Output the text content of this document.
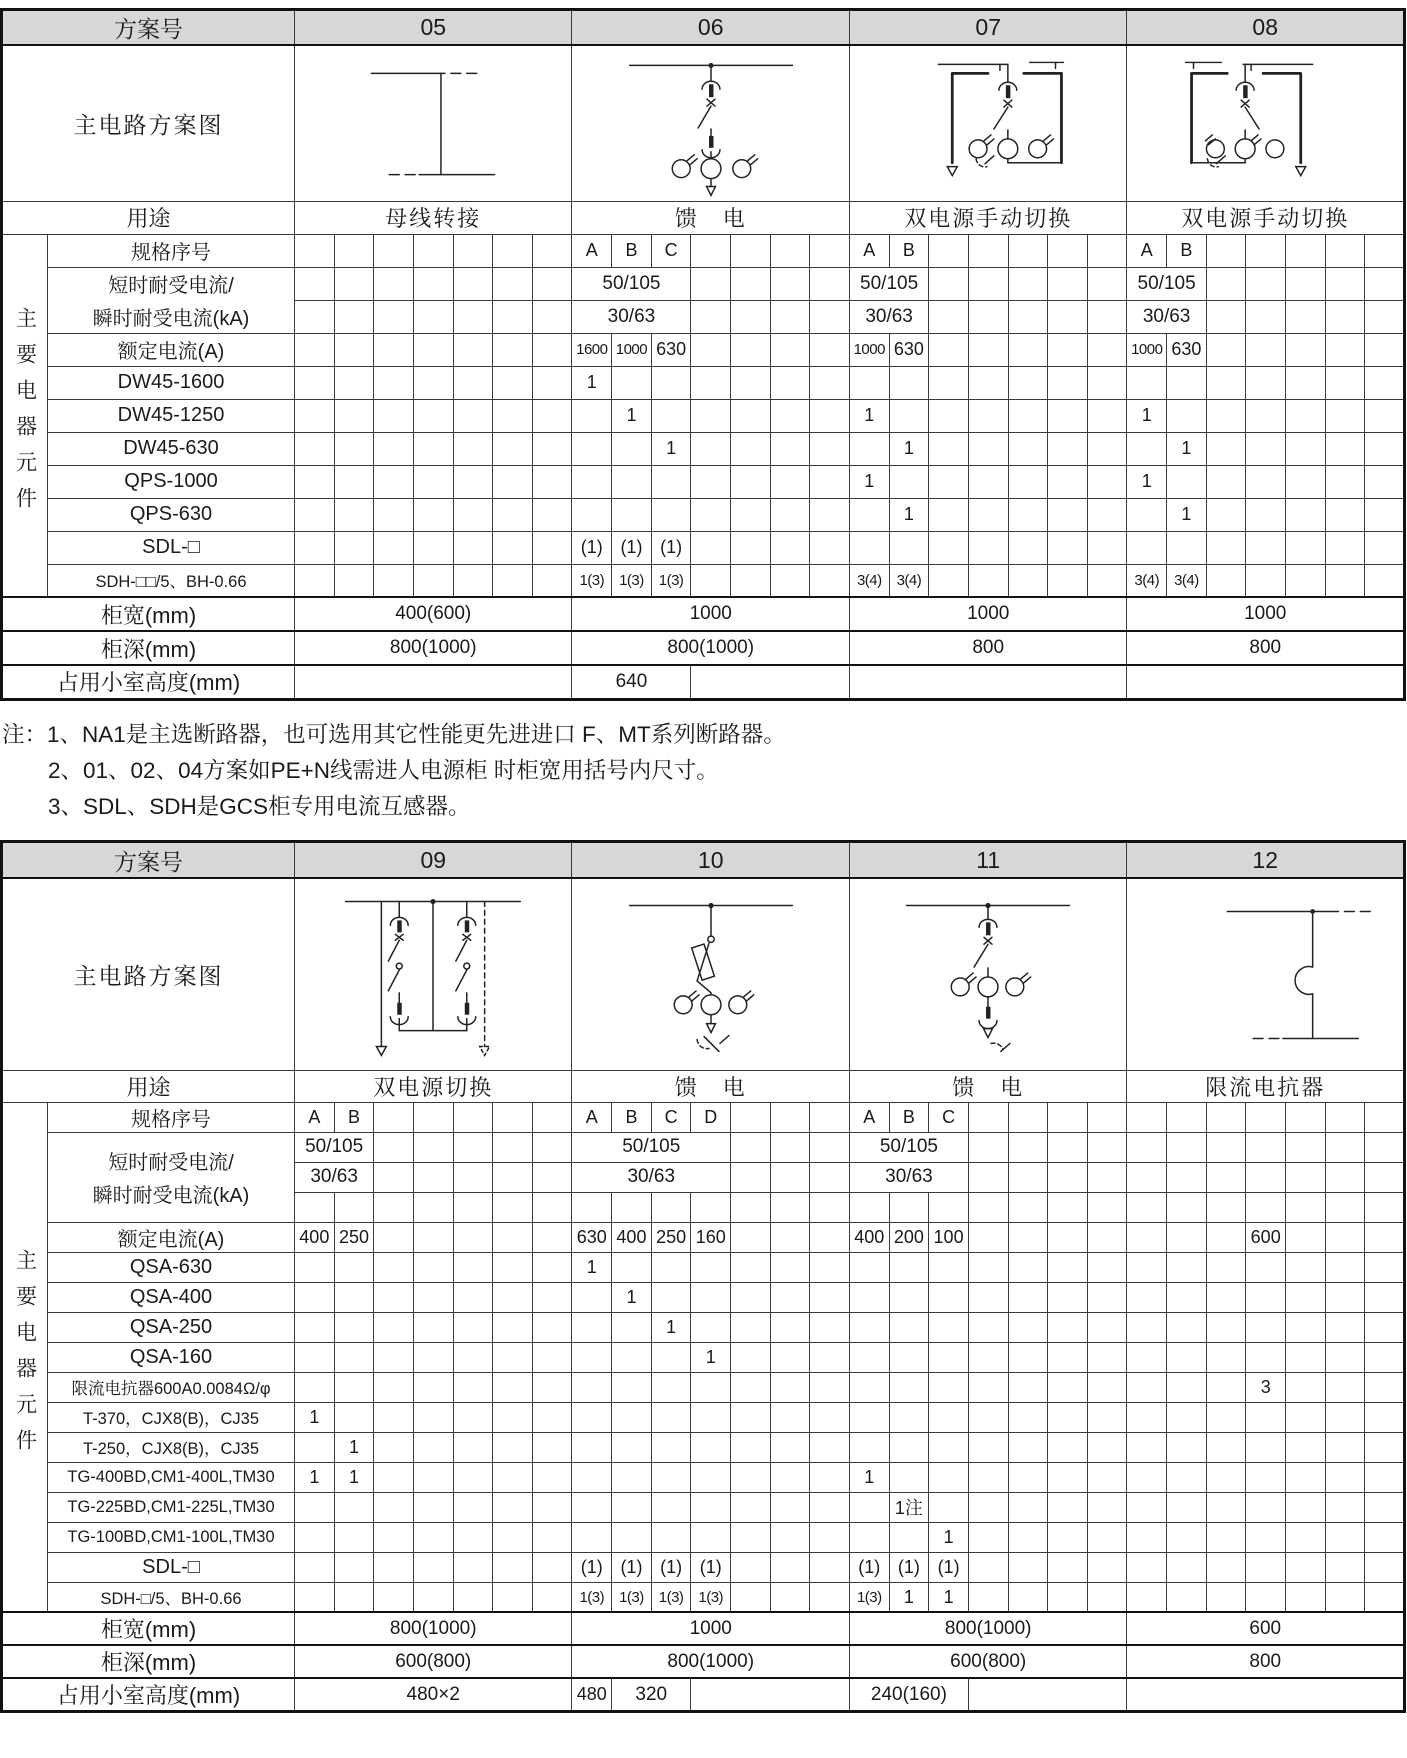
方案号		05							06							07							08						
主电路方案图	

用途		母线转接							馈　电							双电源手动切换							双电源手动切换						

主要电器元件	规格序号								A	B	C					A	B						A	B					

	短时耐受电流/
瞬时耐受电流(kA)								50/105							50/105							50/105						
									30/63							30/63							30/63						
	额定电流(A)								1600	1000	630					1000	630						1000	630					
	DW45-1600								1																				
	DW45-1250									1						1							1						
	DW45-630										1						1							1					
	QPS-1000															1							1						
	QPS-630																1							1					
	SDL-□								(1)	(1)	(1)																		
	SDH-□□/5、BH-0.66								1(3)	1(3)	1(3)					3(4)	3(4)						3(4)	3(4)					
柜宽(mm)		400(600)							1000							1000							1000						
柜深(mm)		800(1000)							800(1000)							800							800						
占用小室高度(mm)									640																				
注：1、NA1是主选断路器，也可选用其它性能更先进进口 F、MT系列断路器。
2、01、02、04方案如PE+N线需进人电源柜 时柜宽用括号内尺寸。
3、SDL、SDH是GCS柜专用电流互感器。
方案号		09							10							11							12						
主电路方案图	

用途		双电源切换							馈　电							馈　电							限流电抗器						

主要电器元件	规格序号	A	B						A	B	C	D				A	B	C											

	短时耐受电流/
瞬时耐受电流(kA)	50/105							50/105							50/105													
		30/63							30/63							30/63													

	额定电流(A)	400	250						630	400	250	160				400	200	100								600			
	QSA-630								1																				
	QSA-400									1																			
	QSA-250										1																		
	QSA-160											1																	
	限流电抗器600A0.0084Ω/φ																									3			
	T-370，CJX8(B)，CJ35	1																											
	T-250，CJX8(B)，CJ35		1																										
	TG-400BD,CM1-400L,TM30	1	1													1													
	TG-225BD,CM1-225L,TM30																1注												
	TG-100BD,CM1-100L,TM30																	1											
	SDL-□								(1)	(1)	(1)	(1)				(1)	(1)	(1)											
	SDH-□/5、BH-0.66								1(3)	1(3)	1(3)	1(3)				1(3)	1	1											
柜宽(mm)		800(1000)							1000							800(1000)							600						
柜深(mm)		600(800)							800(1000)							600(800)							800						
占用小室高度(mm)		480×2							480	320						240(160)													
